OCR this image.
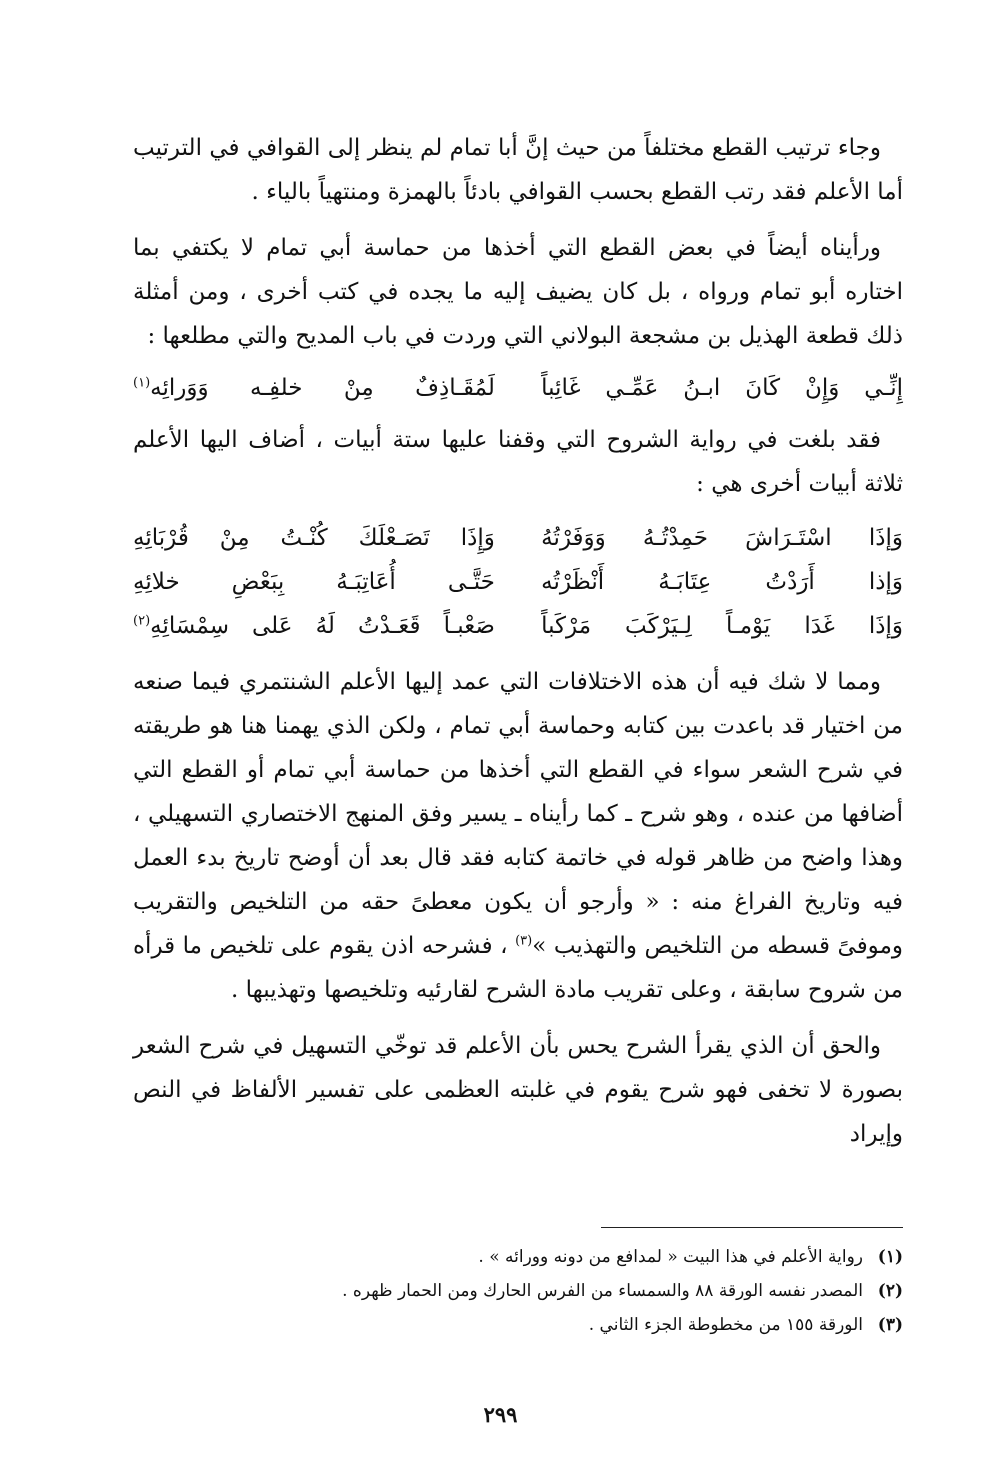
وجاء ترتيب القطع مختلفاً من حيث إنَّ أبا تمام لم ينظر إلى القوافي في الترتيب أما الأعلم فقد رتب القطع بحسب القوافي بادئاً بالهمزة ومنتهياً بالياء .

ورأيناه أيضاً في بعض القطع التي أخذها من حماسة أبي تمام لا يكتفي بما اختاره أبو تمام ورواه ، بل كان يضيف إليه ما يجده في كتب أخرى ، ومن أمثلة ذلك قطعة الهذيل بن مشجعة البولاني التي وردت في باب المديح والتي مطلعها :

إِنِّـي وَإِنْ كَانَ ابـنُ عَمِّـي غَائِباً
لَمُقَـاذِفٌ مِنْ خلفِـه وَوَرائِه$^{(١)}$

فقد بلغت في رواية الشروح التي وقفنا عليها ستة أبيات ، أضاف اليها الأعلم ثلاثة أبيات أخرى هي :

وَإذَا اسْتَـرَاشَ حَمِدْتُـهُ وَوَفَرْتُهُ
وَإِذَا تَصَـعْلَكَ كُنْـتُ مِنْ قُرْبَائِهِ
وَإذا أَرَدْتُ عِتَابَـهُ أَنْظَرْتُه
حَتَّـى أُعَاتِبَـهُ بِبَعْضِ خلائِهِ
وَإذَا غَدَا يَوْمـاً لِـيَرْكَبَ مَرْكَباً
صَعْبـاً قَعَـدْتُ لَهُ عَلى سِمْسَائِهِ$^{(٢)}$

ومما لا شك فيه أن هذه الاختلافات التي عمد إليها الأعلم الشنتمري فيما صنعه من اختيار قد باعدت بين كتابه وحماسة أبي تمام ، ولكن الذي يهمنا هنا هو طريقته في شرح الشعر سواء في القطع التي أخذها من حماسة أبي تمام أو القطع التي أضافها من عنده ، وهو شرح ـ كما رأيناه ـ يسير وفق المنهج الاختصاري التسهيلي ، وهذا واضح من ظاهر قوله في خاتمة كتابه فقد قال بعد أن أوضح تاريخ بدء العمل فيه وتاريخ الفراغ منه : « وأرجو أن يكون معطىً حقه من التلخيص والتقريب وموفىً قسطه من التلخيص والتهذيب »$^{(٣)}$ ، فشرحه اذن يقوم على تلخيص ما قرأه من شروح سابقة ، وعلى تقريب مادة الشرح لقارئيه وتلخيصها وتهذيبها .

والحق أن الذي يقرأ الشرح يحس بأن الأعلم قد توخّي التسهيل في شرح الشعر بصورة لا تخفى فهو شرح يقوم في غلبته العظمى على تفسير الألفاظ في النص وإيراد

(١)
رواية الأعلم في هذا البيت « لمدافع من دونه وورائه » .
(٢)
المصدر نفسه الورقة ٨٨ والسمساء من الفرس الحارك ومن الحمار ظهره .
(٣)
الورقة ١٥٥ من مخطوطة الجزء الثاني .
٢٩٩
